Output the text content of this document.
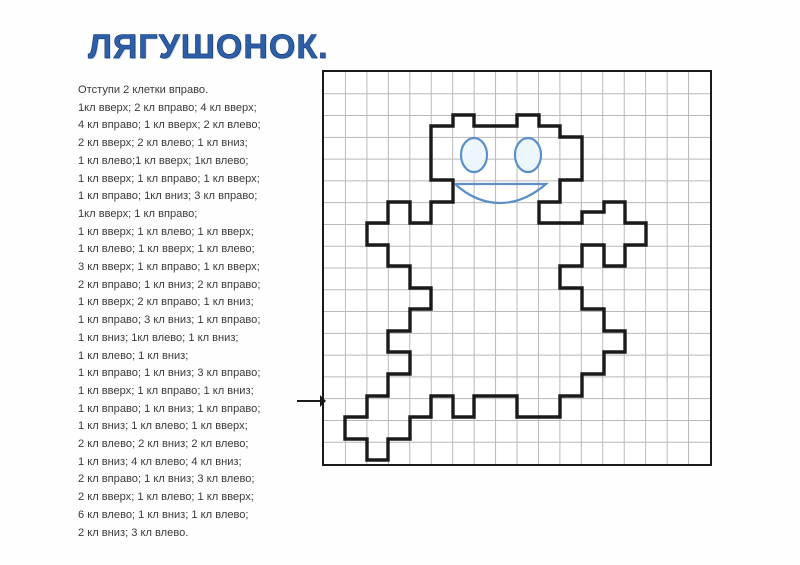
ЛЯГУШОНОК.
Отступи 2 клетки вправо.
1кл вверх; 2 кл вправо; 4 кл вверх;
4 кл вправо; 1 кл вверх; 2 кл влево;
2 кл вверх; 2 кл влево; 1 кл вниз;
1 кл влево;1 кл вверх; 1кл влево;
1 кл вверх; 1 кл вправо; 1 кл вверх;
1 кл вправо; 1кл вниз; 3 кл вправо;
1кл вверх; 1 кл вправо;
1 кл вверх; 1 кл влево; 1 кл вверх;
1 кл влево; 1 кл вверх; 1 кл влево;
3 кл вверх; 1 кл вправо; 1 кл вверх;
2 кл вправо; 1 кл вниз; 2 кл вправо;
1 кл вверх; 2 кл вправо; 1 кл вниз;
1 кл вправо; 3 кл вниз; 1 кл вправо;
1 кл вниз; 1кл влево; 1 кл вниз;
1 кл влево; 1 кл вниз;
1 кл вправо; 1 кл вниз; 3 кл вправо;
1 кл вверх; 1 кл вправо; 1 кл вниз;
1 кл вправо; 1 кл вниз; 1 кл вправо;
1 кл вниз; 1 кл влево; 1 кл вверх;
2 кл влево; 2 кл вниз; 2 кл влево;
1 кл вниз; 4 кл влево; 4 кл вниз;
2 кл вправо; 1 кл вниз; 3 кл влево;
2 кл вверх; 1 кл влево; 1 кл вверх;
6 кл влево; 1 кл вниз; 1 кл влево;
2 кл вниз; 3 кл влево.
